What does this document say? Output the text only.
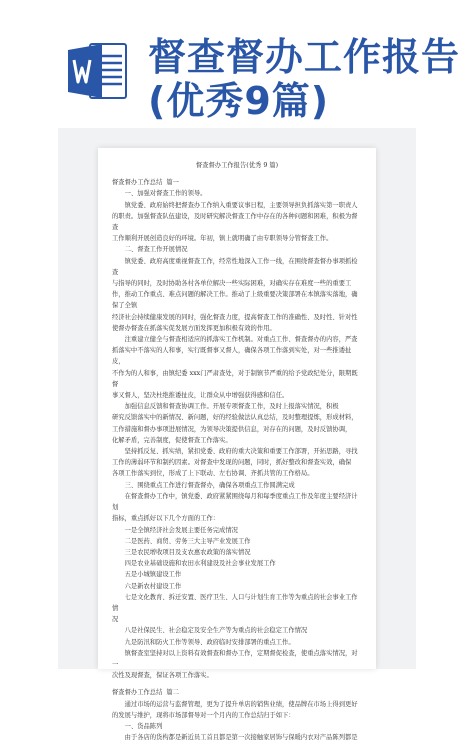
督查督办工作报告
(优秀9篇)

督查督办工作报告(优秀 9 篇)

督查督办工作总结  篇一

一、加强对督查工作的领导。

镇党委、政府始终把督查办工作纳入重要议事日程，主要领导担负抓落实第一职责人

的职责。加强督查队伍建设，及时研究解决督查工作中存在的各种问题和困难，积极为督查

工作顺利开展创造良好的环境。年初，镇上就明确了由专职领导分管督查工作。

二、督查工作开展情况

镇党委、政府高度重视督查工作，经常性地深入工作一线，在围绕督查督办事项抓检查

与指导的同时，及时协助各村各单位解决一些实际困难，对确实存在难度一些的重要工

作，推动工作重点、难点问题的解决工作。推动了上级重要决策部署在本镇落实落地，确保了全镇

经济社会持续健康发展的同时，强化督查力度，提高督查工作的准确性、及时性、针对性

使督办督查在抓落实促发展方面发挥更加积极有效的作用。

注重建立健全与督查相适应的抓落实工作机制。对重点工作、督查督办的内容，严查

抓落实中不落实的人和事，实行既督事又督人，确保各项工作落到实处，对一些推诿扯皮，

不作为的人和事，由镇纪委 xxx门严肃查处，对于制镇节严重的给予党政纪处分，限期既督

事又督人，坚决杜绝推诿扯皮，让群众从中增强获得感和信任。

加强信息反馈和督查协调工作。开展专项督查工作，及时上报落实情况，积极

研究反馈落实中的新情况、新问题，好的经验做法认真总结，及时整理提炼，形成材料，

工作措施和督办事项进展情况，为领导决策提供信息，对存在的问题，及时反馈协调，

化解矛盾，完善制度，促使督查工作落实。

坚持抓反复、抓实绩，紧扣党委、政府的重大决策和重要工作部署，开拓思路，寻找

工作的薄弱环节和制约因素。对督查中发现的问题，同时，抓好整改和督查实效，确保

各项工作落实到位，形成了上下联动、左右协调、齐抓共管的工作格局。

三、围绕重点工作进行督查督办，确保各项重点工作圆满完成

在督查督办工作中，镇党委、政府紧紧围绕每月和每季度重点工作及年度主要经济计划

指标，重点抓好以下几个方面的工作：

一是全镇经济社会发展主要任务完成情况

二是医药、商贸、劳务三大主导产业发展工作

三是农民增收项目及支农惠农政策的落实情况

四是农业基础设施和农田水利建设及社会事业发展工作

五是小城镇建设工作

六是新农村建设工作

七是文化教育、拆迁安置、医疗卫生、人口与计划生育工作等为重点的社会事业工作情

况

八是社保民生、社会稳定及安全生产等为重点的社会稳定工作情况

九是防汛和防火工作等领导、政府临时安排部署的重点工作。

镇督查室坚持对以上资料有效督查和督办工作，定期督促检查，使重点落实情况，对一

次性及现督查，保证各项工作落实。

督查督办工作总结  篇二

通过市场的运营与监督管理，更为了提升单店的销售业绩，使品牌在市场上得到更好

的发展与维护，现将市场部督导对一个月内的工作总结归于如下：

一、货品陈列

由于各店的货构都是新近员工首且都是第一次接触家居饰与保暖内衣对产品陈列都是
